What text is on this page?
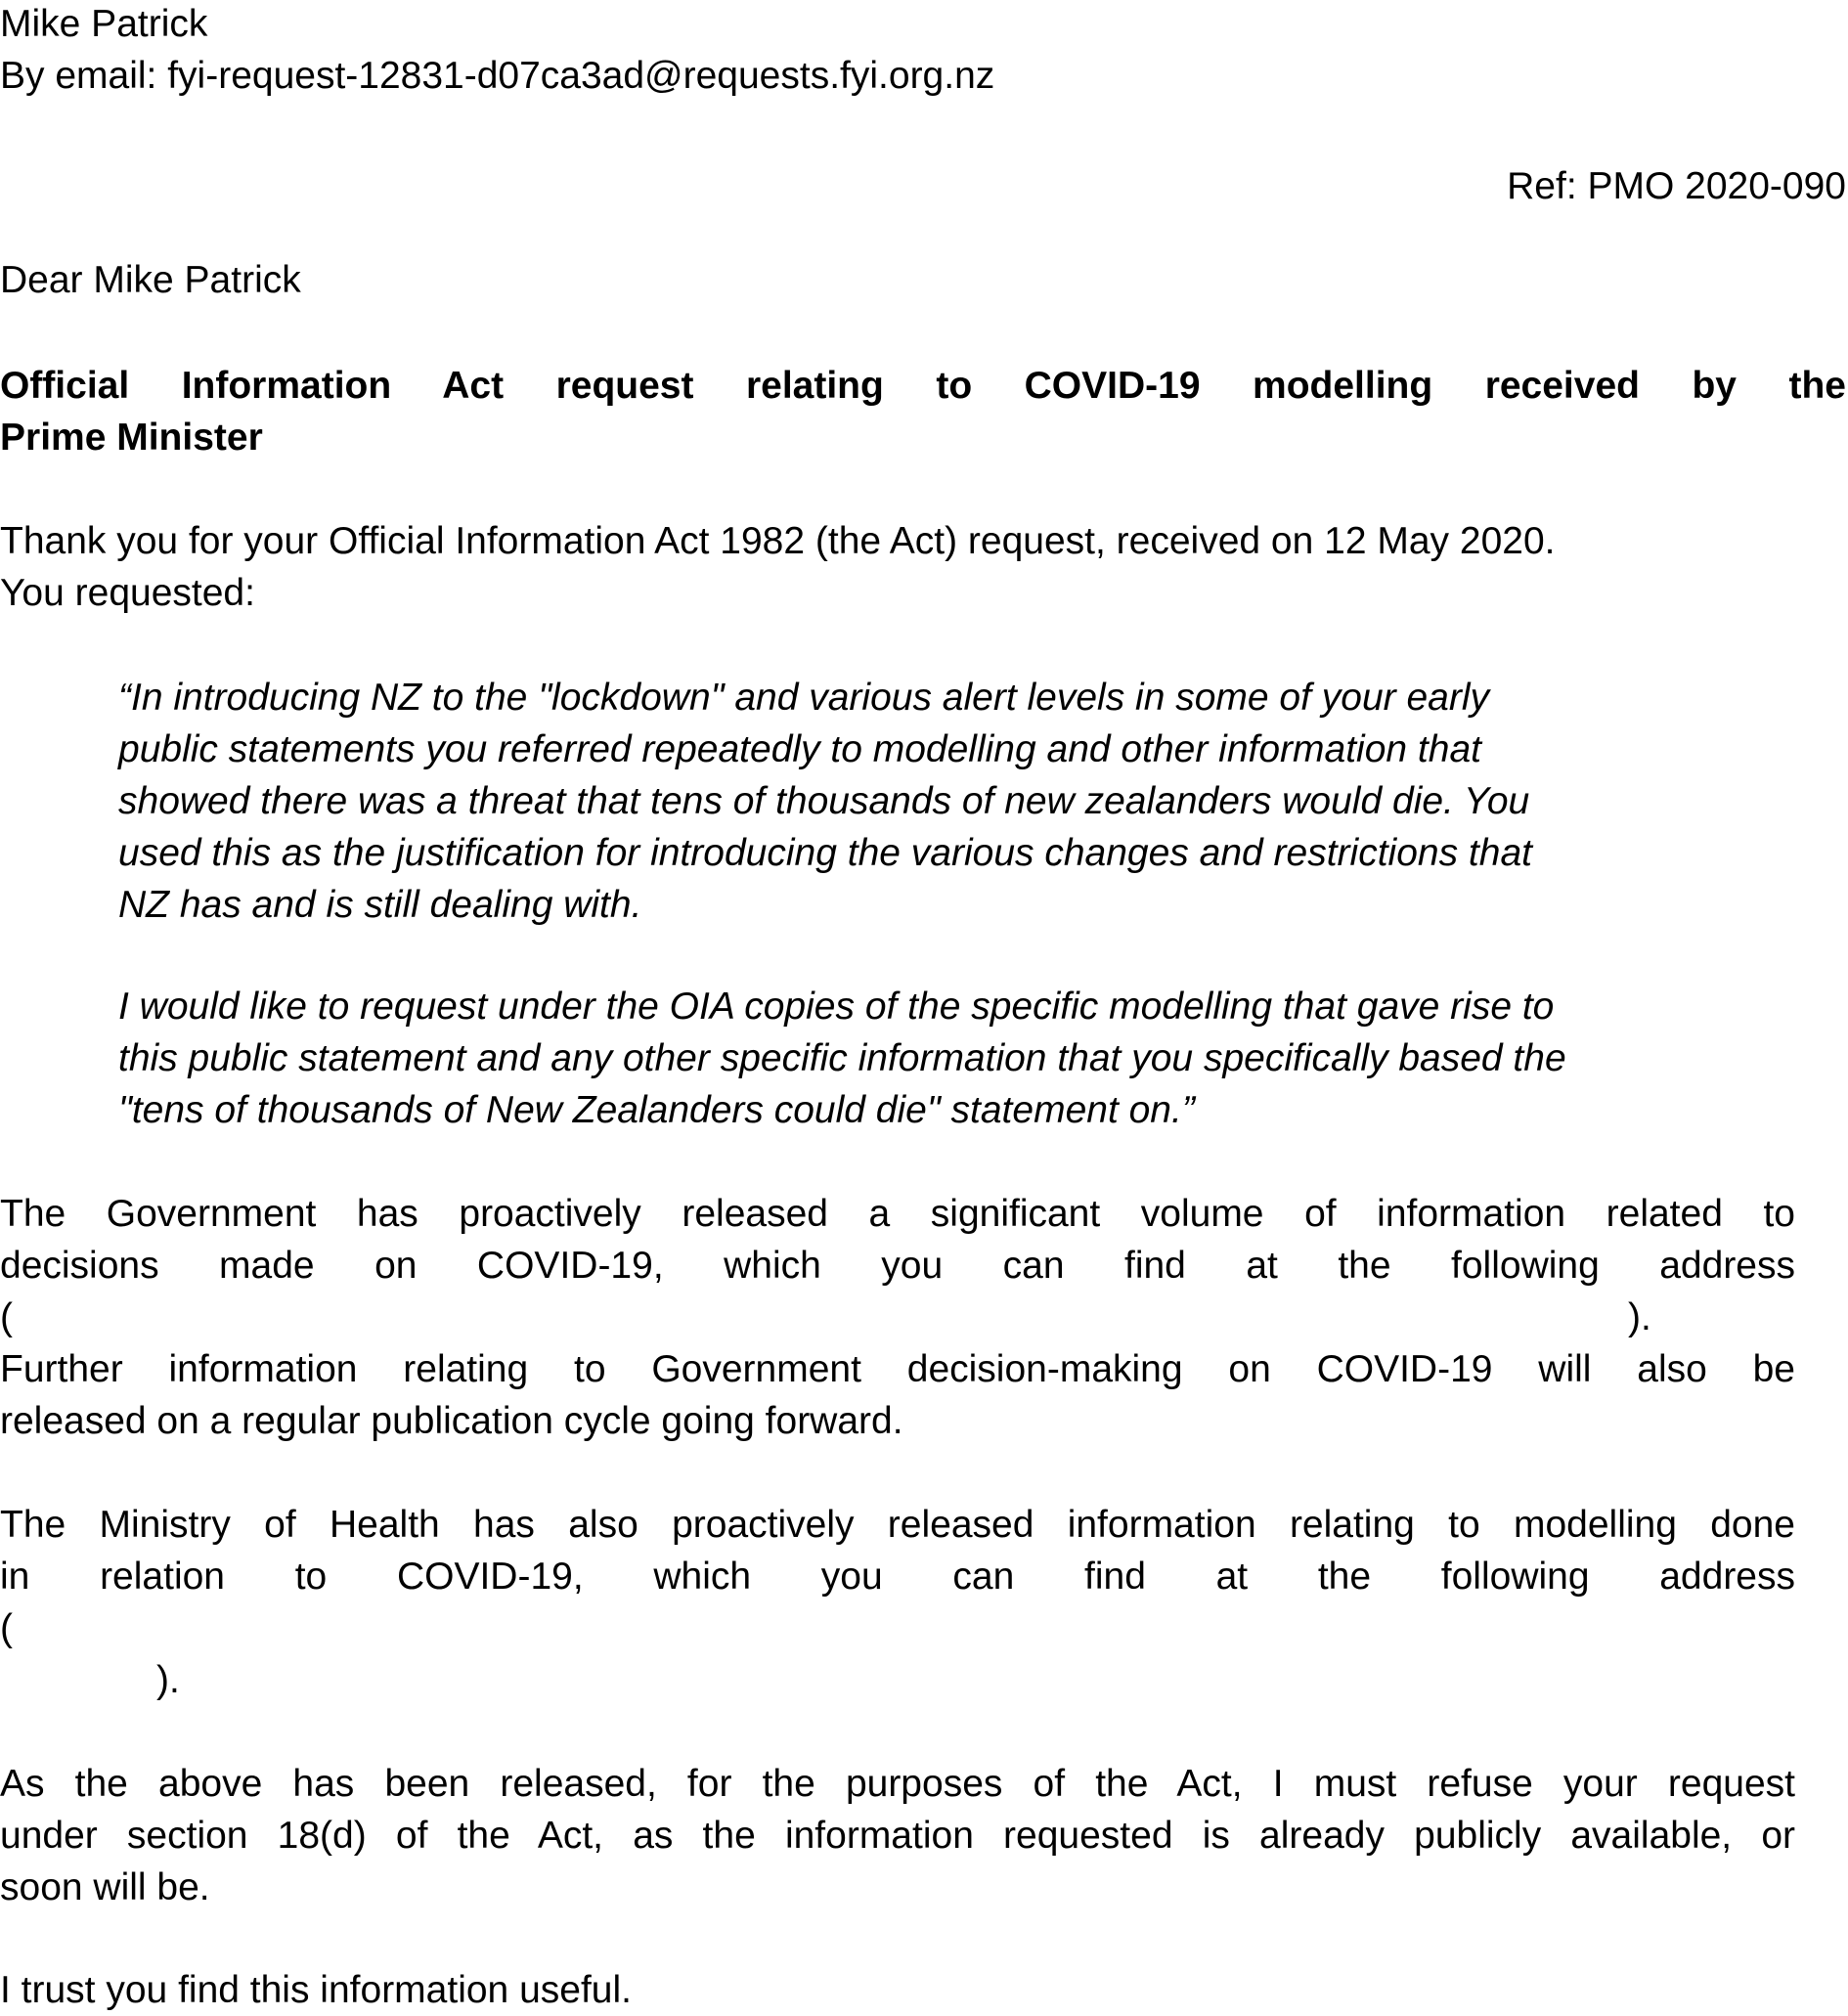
Mike Patrick
By email: fyi-request-12831-d07ca3ad@requests.fyi.org.nz
Ref: PMO 2020-090
Dear Mike Patrick
Official Information Act request relating to COVID-19 modelling received by the
Prime Minister
Thank you for your Official Information Act 1982 (the Act) request, received on 12 May 2020.
You requested:
“In introducing NZ to the "lockdown" and various alert levels in some of your early
public statements you referred repeatedly to modelling and other information that
showed there was a threat that tens of thousands of new zealanders would die. You
used this as the justification for introducing the various changes and restrictions that
NZ has and is still dealing with.
I would like to request under the OIA copies of the specific modelling that gave rise to
this public statement and any other specific information that you specifically based the
"tens of thousands of New Zealanders could die" statement on.”
The Government has proactively released a significant volume of information related to
decisions made on COVID-19, which you can find at the following address
(	).
Further information relating to Government decision-making on COVID-19 will also be
released on a regular publication cycle going forward.
The Ministry of Health has also proactively released information relating to modelling done
in relation to COVID-19, which you can find at the following address
(
).
As the above has been released, for the purposes of the Act, I must refuse your request
under section 18(d) of the Act, as the information requested is already publicly available, or
soon will be.
I trust you find this information useful.
